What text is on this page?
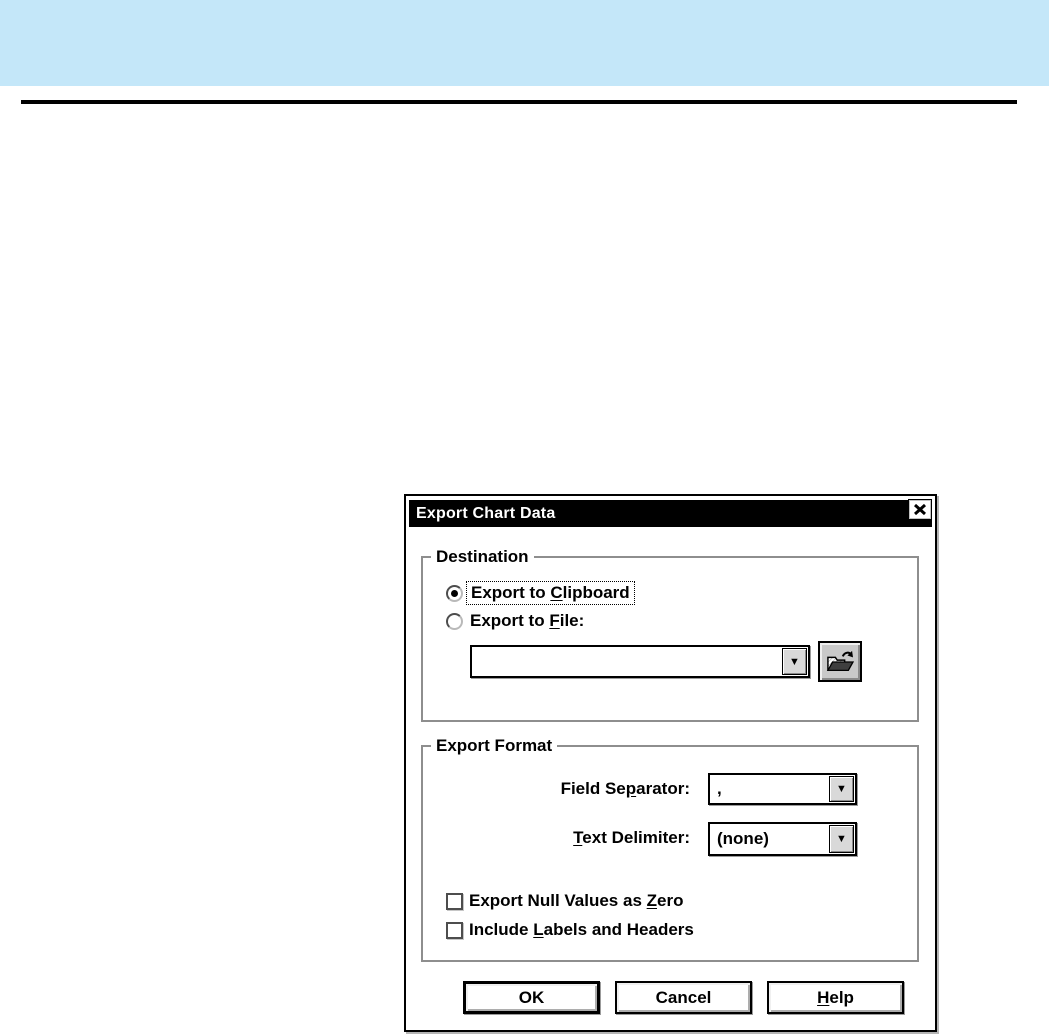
Export Chart Data
Destination
Export to Clipboard
Export to File:
▼
Export Format
Field Separator: ,	▼
Text Delimiter: (none)	▼
Export Null Values as Zero
Include Labels and Headers
OK	Cancel	H elp
